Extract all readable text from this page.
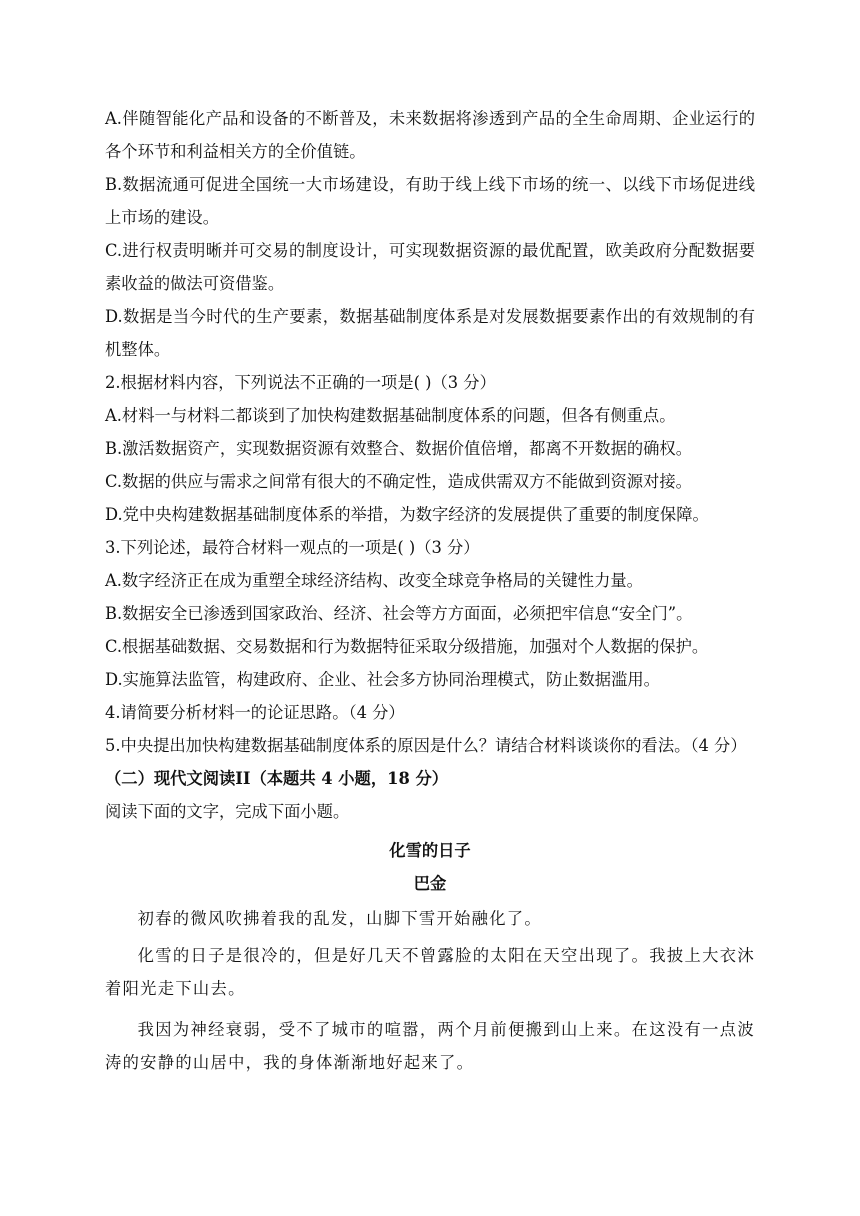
A.伴随智能化产品和设备的不断普及，未来数据将渗透到产品的全生命周期、企业运行的各个环节和利益相关方的全价值链。

B.数据流通可促进全国统一大市场建设，有助于线上线下市场的统一、以线下市场促进线上市场的建设。

C.进行权责明晰并可交易的制度设计，可实现数据资源的最优配置，欧美政府分配数据要素收益的做法可资借鉴。

D.数据是当今时代的生产要素，数据基础制度体系是对发展数据要素作出的有效规制的有机整体。

2.根据材料内容，下列说法不正确的一项是( )（3 分）

A.材料一与材料二都谈到了加快构建数据基础制度体系的问题，但各有侧重点。

B.激活数据资产，实现数据资源有效整合、数据价值倍增，都离不开数据的确权。

C.数据的供应与需求之间常有很大的不确定性，造成供需双方不能做到资源对接。

D.党中央构建数据基础制度体系的举措，为数字经济的发展提供了重要的制度保障。

3.下列论述，最符合材料一观点的一项是( )（3 分）

A.数字经济正在成为重塑全球经济结构、改变全球竞争格局的关键性力量。

B.数据安全已渗透到国家政治、经济、社会等方方面面，必须把牢信息“安全门”。

C.根据基础数据、交易数据和行为数据特征采取分级措施，加强对个人数据的保护。

D.实施算法监管，构建政府、企业、社会多方协同治理模式，防止数据滥用。

4.请简要分析材料一的论证思路。（4 分）

5.中央提出加快构建数据基础制度体系的原因是什么？请结合材料谈谈你的看法。（4 分）

（二）现代文阅读II（本题共 4 小题，18 分）

阅读下面的文字，完成下面小题。

化雪的日子

巴金

初春的微风吹拂着我的乱发，山脚下雪开始融化了。

化雪的日子是很冷的，但是好几天不曾露脸的太阳在天空出现了。我披上大衣沐着阳光走下山去。

我因为神经衰弱，受不了城市的喧嚣，两个月前便搬到山上来。在这没有一点波涛的安静的山居中，我的身体渐渐地好起来了。
